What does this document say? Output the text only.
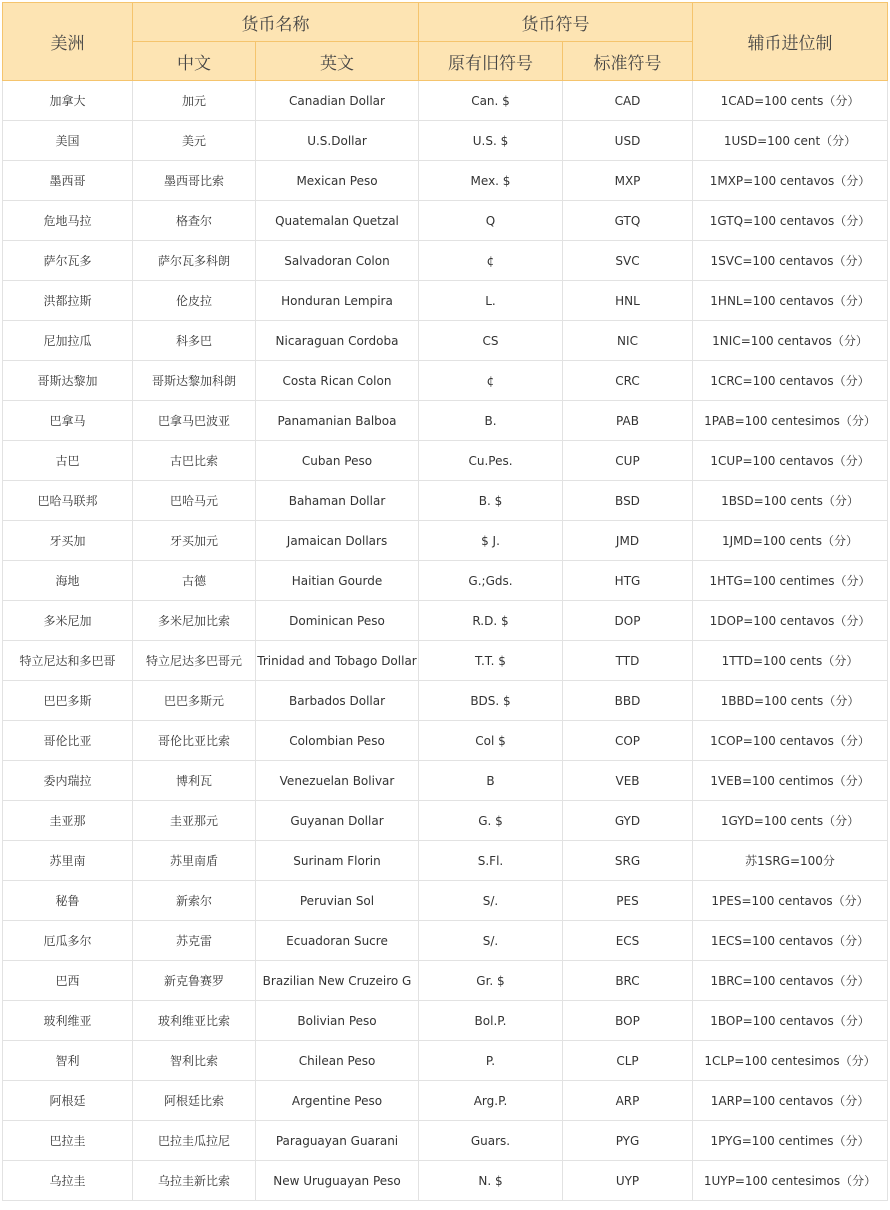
美洲	货币名称		货币符号		辅币进位制
	中文	英文	原有旧符号	标准符号	
加拿大	加元	Canadian Dollar	Can. $	CAD	1CAD=100 cents（分）
美国	美元	U.S.Dollar	U.S. $	USD	1USD=100 cent（分）
墨西哥	墨西哥比索	Mexican Peso	Mex. $	MXP	1MXP=100 centavos（分）
危地马拉	格查尔	Quatemalan Quetzal	Q	GTQ	1GTQ=100 centavos（分）
萨尔瓦多	萨尔瓦多科朗	Salvadoran Colon	¢	SVC	1SVC=100 centavos（分）
洪都拉斯	伦皮拉	Honduran Lempira	L.	HNL	1HNL=100 centavos（分）
尼加拉瓜	科多巴	Nicaraguan Cordoba	CS	NIC	1NIC=100 centavos（分）
哥斯达黎加	哥斯达黎加科朗	Costa Rican Colon	¢	CRC	1CRC=100 centavos（分）
巴拿马	巴拿马巴波亚	Panamanian Balboa	B.	PAB	1PAB=100 centesimos（分）
古巴	古巴比索	Cuban Peso	Cu.Pes.	CUP	1CUP=100 centavos（分）
巴哈马联邦	巴哈马元	Bahaman Dollar	B. $	BSD	1BSD=100 cents（分）
牙买加	牙买加元	Jamaican Dollars	$ J.	JMD	1JMD=100 cents（分）
海地	古德	Haitian Gourde	G.;Gds.	HTG	1HTG=100 centimes（分）
多米尼加	多米尼加比索	Dominican Peso	R.D. $	DOP	1DOP=100 centavos（分）
特立尼达和多巴哥	特立尼达多巴哥元	Trinidad and Tobago Dollar	T.T. $	TTD	1TTD=100 cents（分）
巴巴多斯	巴巴多斯元	Barbados Dollar	BDS. $	BBD	1BBD=100 cents（分）
哥伦比亚	哥伦比亚比索	Colombian Peso	Col $	COP	1COP=100 centavos（分）
委内瑞拉	博利瓦	Venezuelan Bolivar	B	VEB	1VEB=100 centimos（分）
圭亚那	圭亚那元	Guyanan Dollar	G. $	GYD	1GYD=100 cents（分）
苏里南	苏里南盾	Surinam Florin	S.Fl.	SRG	苏1SRG=100分
秘鲁	新索尔	Peruvian Sol	S/.	PES	1PES=100 centavos（分）
厄瓜多尔	苏克雷	Ecuadoran Sucre	S/.	ECS	1ECS=100 centavos（分）
巴西	新克鲁赛罗	Brazilian New Cruzeiro G	Gr. $	BRC	1BRC=100 centavos（分）
玻利维亚	玻利维亚比索	Bolivian Peso	Bol.P.	BOP	1BOP=100 centavos（分）
智利	智利比索	Chilean Peso	P.	CLP	1CLP=100 centesimos（分）
阿根廷	阿根廷比索	Argentine Peso	Arg.P.	ARP	1ARP=100 centavos（分）
巴拉圭	巴拉圭瓜拉尼	Paraguayan Guarani	Guars.	PYG	1PYG=100 centimes（分）
乌拉圭	乌拉圭新比索	New Uruguayan Peso	N. $	UYP	1UYP=100 centesimos（分）
